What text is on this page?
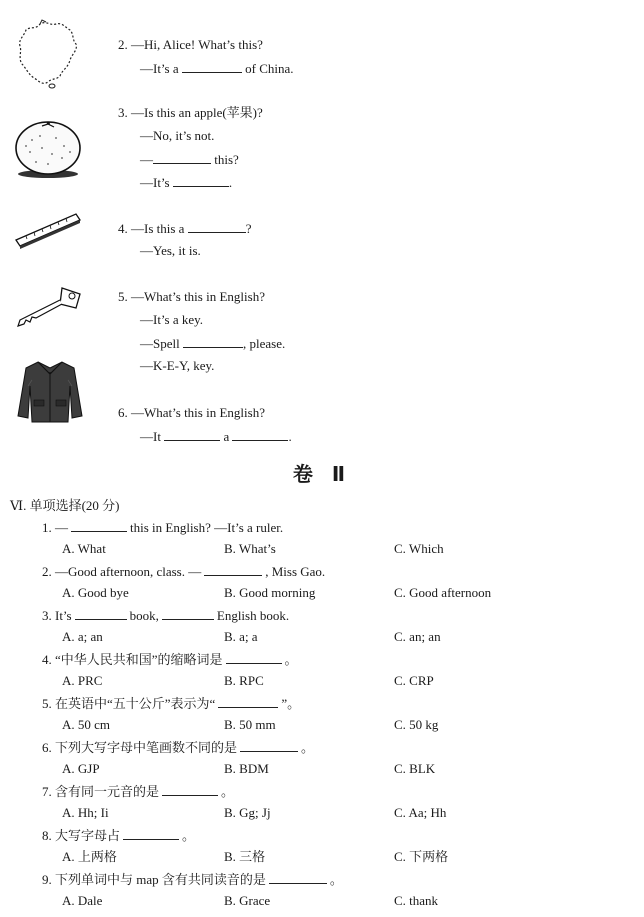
2. —Hi, Alice! What’s this?
—It’s a	of China.
3. —Is this an apple(苹果)?
—No, it’s not.
—	this?
—It’s	.
4. —Is this a	?
—Yes, it is.
5. —What’s this in English?
—It’s a key.
—Spell	, please.
—K-E-Y, key.
6. —What’s this in English?
—It	a	.
卷 Ⅱ
Ⅵ. 单项选择(20 分)
1. —	this in English? —It’s a ruler.
A. What	B. What’s	C. Which
2. —Good afternoon, class. —	, Miss Gao.
A. Good bye	B. Good morning	C. Good afternoon
3. It’s	book,	English book.
A. a; an	B. a; a	C. an; an
4. “中华人民共和国”的缩略词是	。
A. PRC	B. RPC	C. CRP
5. 在英语中“五十公斤”表示为“	”。
A. 50 cm	B. 50 mm	C. 50 kg
6. 下列大写字母中笔画数不同的是	。
A. GJP	B. BDM	C. BLK
7. 含有同一元音的是	。
A. Hh; Ii	B. Gg; Jj	C. Aa; Hh
8. 大写字母占	。
A. 上两格	B. 三格	C. 下两格
9. 下列单词中与 map 含有共同读音的是	。
A. Dale	B. Grace	C. thank
